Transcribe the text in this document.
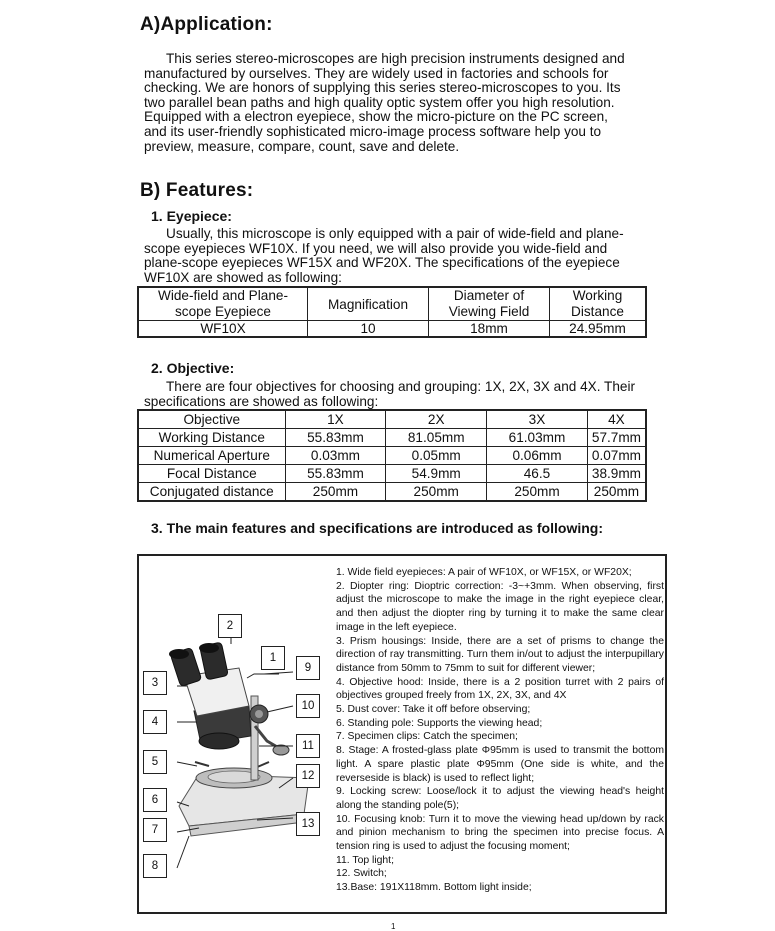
A)Application:

This series stereo-microscopes are high precision instruments designed and manufactured by ourselves. They are widely used in factories and schools for checking. We are honors of supplying this series stereo-microscopes to you. Its two parallel bean paths and high quality optic system offer you high resolution. Equipped with a electron eyepiece, show the micro-picture on the PC screen, and its user-friendly sophisticated micro-image process software help you to preview, measure, compare, count, save and delete.

B) Features:
1. Eyepiece:

Usually, this microscope is only equipped with a pair of wide-field and plane-scope eyepieces WF10X. If you need, we will also provide you wide-field and plane-scope eyepieces WF15X and WF20X. The specifications of the eyepiece WF10X are showed as following:

Wide-field and Plane-scope Eyepiece	Magnification	Diameter of Viewing Field	Working Distance
WF10X	10	18mm	24.95mm
2. Objective:

There are four objectives for choosing and grouping: 1X, 2X, 3X and 4X. Their specifications are showed as following:

Objective	1X	2X	3X	4X
Working Distance	55.83mm	81.05mm	61.03mm	57.7mm
Numerical Aperture	0.03mm	0.05mm	0.06mm	0.07mm
Focal Distance	55.83mm	54.9mm	46.5	38.9mm
Conjugated distance	250mm	250mm	250mm	250mm
3. The main features and specifications are introduced as following:
1
2
3
4
5
6
7
8
9
10
11
12
13
1. Wide field eyepieces: A pair of WF10X, or WF15X, or WF20X;
2. Diopter ring: Dioptric correction: -3~+3mm. When observing, first adjust the microscope to make the image in the right eyepiece clear, and then adjust the diopter ring by turning it to make the same clear image in the left eyepiece.
3. Prism housings: Inside, there are a set of prisms to change the direction of ray transmitting. Turn them in/out to adjust the interpupillary distance from 50mm to 75mm to suit for different viewer;
4. Objective hood: Inside, there is a 2 position turret with 2 pairs of objectives grouped freely from 1X, 2X, 3X, and 4X
5. Dust cover: Take it off before observing;
6. Standing pole: Supports the viewing head;
7. Specimen clips: Catch the specimen;
8. Stage: A frosted-glass plate Φ95mm is used to transmit the bottom light. A spare plastic plate Φ95mm (One side is white, and the reverseside is black) is used to reflect light;
9. Locking screw: Loose/lock it to adjust the viewing head's height along the standing pole(5);
10. Focusing knob: Turn it to move the viewing head up/down by rack and pinion mechanism to bring the specimen into precise focus. A tension ring is used to adjust the focusing moment;
11. Top light;
12. Switch;
13.Base: 191X118mm. Bottom light inside;
1
